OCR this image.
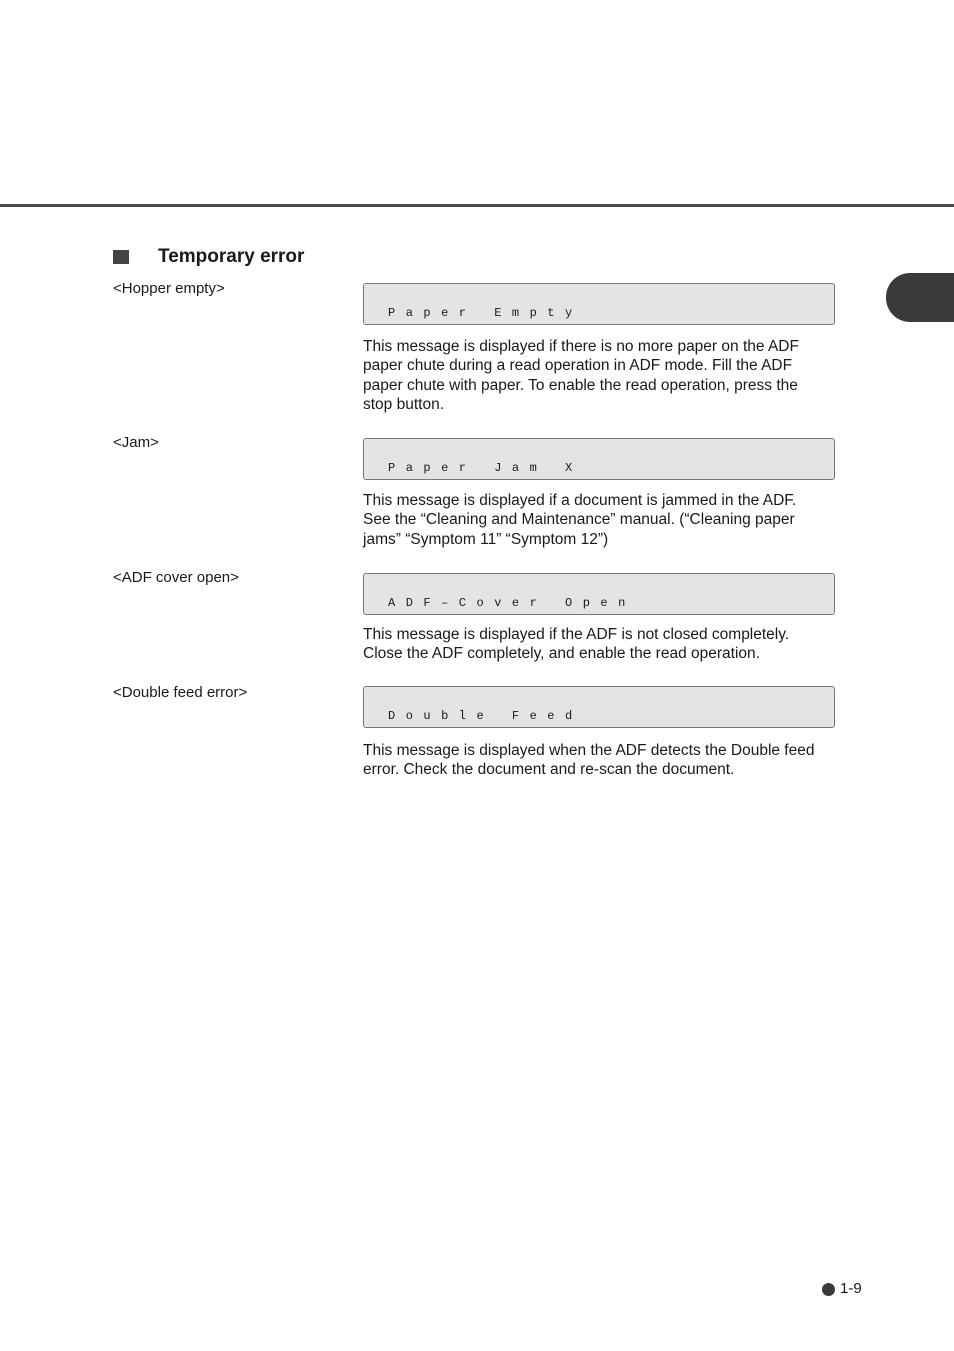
Temporary error
<Hopper empty>
Paper Empty
This message is displayed if there is no more paper on the ADF
paper chute during a read operation in ADF mode. Fill the ADF
paper chute with paper. To enable the read operation, press the
stop button.
<Jam>
Paper Jam X
This message is displayed if a document is jammed in the ADF.
See the “Cleaning and Maintenance” manual. (“Cleaning paper
jams” “Symptom 11” “Symptom 12”)
<ADF cover open>
ADF–Cover Open
This message is displayed if the ADF is not closed completely.
Close the ADF completely, and enable the read operation.
<Double feed error>
Double Feed
This message is displayed when the ADF detects the Double feed
error. Check the document and re-scan the document.
1-9
